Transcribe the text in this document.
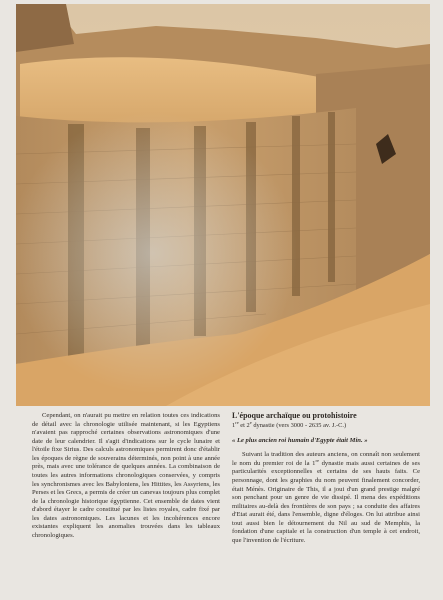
Cependant, on n'aurait pu mettre en relation toutes ces indications de détail avec la chronologie utilisée maintenant, si les Egyptiens n'avaient pas rapproché certaines observations astronomiques d'une date de leur calendrier. Il s'agit d'indications sur le cycle lunaire et l'étoile fixe Sirius. Des calculs astronomiques permirent donc d'établir les époques de règne de souverains déterminés, non point à une année près, mais avec une tolérance de quelques années. La combinaison de toutes les autres informations chronologiques conservées, y compris les synchronismes avec les Babyloniens, les Hittites, les Assyriens, les Perses et les Grecs, a permis de créer un canevas toujours plus complet de la chronologie historique égyptienne. Cet ensemble de dates vient d'abord étayer le cadre constitué par les listes royales, cadre fixé par les dates astronomiques. Les lacunes et les incohérences encore existantes expliquent les anomalies trouvées dans les tableaux chronologiques.

L'époque archaïque ou protohistoire

1re et 2e dynastie (vers 3000 - 2635 av. J.-C.)

« Le plus ancien roi humain d'Egypte était Min. »

Suivant la tradition des auteurs anciens, on connaît non seulement le nom du premier roi de la 1re dynastie mais aussi certaines de ses particularités exceptionnelles et certains de ses hauts faits. Ce personnage, dont les graphies du nom peuvent finalement concorder, était Ménès. Originaire de This, il a joui d'un grand prestige malgré son penchant pour un genre de vie dissipé. Il mena des expéditions militaires au-delà des frontières de son pays ; sa conduite des affaires d'Etat aurait été, dans l'ensemble, digne d'éloges. On lui attribue ainsi tout aussi bien le détournement du Nil au sud de Memphis, la fondation d'une capitale et la construction d'un temple à cet endroit, que l'invention de l'écriture.
